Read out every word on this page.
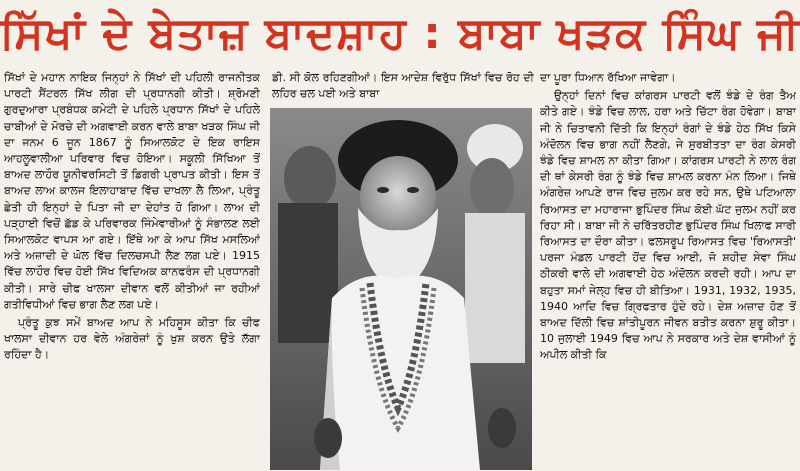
ਸਿੱਖਾਂ ਦੇ ਬੇਤਾਜ਼ ਬਾਦਸ਼ਾਹ : ਬਾਬਾ ਖੜਕ ਸਿੰਘ ਜੀ

ਸਿੱਖਾਂ ਦੇ ਮਹਾਨ ਨਾਇਕ ਜਿਨ੍ਹਾਂ ਨੇ ਸਿੱਖਾਂ ਦੀ ਪਹਿਲੀ ਰਾਜਨੀਤਕ ਪਾਰਟੀ ਸੈਂਟਰਲ ਸਿੱਖ ਲੀਗ ਦੀ ਪ੍ਰਧਾਨਗੀ ਕੀਤੀ। ਸ਼੍ਰੋਮਣੀ ਗੁਰਦੁਆਰਾ ਪ੍ਰਬੰਧਕ ਕਮੇਟੀ ਦੇ ਪਹਿਲੇ ਪ੍ਰਧਾਨ ਸਿੱਖਾਂ ਦੇ ਪਹਿਲੇ ਚਾਬੀਆਂ ਦੇ ਮੋਰਚੇ ਦੀ ਅਗਵਾਈ ਕਰਨ ਵਾਲੇ ਬਾਬਾ ਖੜਕ ਸਿੰਘ ਜੀ ਦਾ ਜਨਮ 6 ਜੂਨ 1867 ਨੂੰ ਸਿਆਲਕੋਟ ਦੇ ਇਕ ਰਾਇਸ ਆਹਲੂਵਾਲੀਆ ਪਰਿਵਾਰ ਵਿਚ ਹੋਇਆ। ਸਕੂਲੀ ਸਿੱਖਿਆ ਤੋਂ ਬਾਅਦ ਲਾਹੌਰ ਯੂਨੀਵਰਸਿਟੀ ਤੋਂ ਡਿਗਰੀ ਪ੍ਰਾਪਤ ਕੀਤੀ। ਇਸ ਤੋਂ ਬਾਅਦ ਲਾਅ ਕਾਲਜ ਇਲਾਹਾਬਾਦ ਵਿੱਚ ਦਾਖਲਾ ਲੈ ਲਿਆ, ਪ੍ਰੰਤੂ ਛੇਤੀ ਹੀ ਇਨ੍ਹਾਂ ਦੇ ਪਿਤਾ ਜੀ ਦਾ ਦੇਹਾਂਤ ਹੋ ਗਿਆ। ਲਾਅ ਦੀ ਪੜ੍ਹਾਈ ਵਿਚੋਂ ਛੱਡ ਕੇ ਪਰਿਵਾਰਕ ਜਿੰਮੇਵਾਰੀਆਂ ਨੂੰ ਸੰਭਾਲਣ ਲਈ ਸਿਆਲਕੋਟ ਵਾਪਸ ਆ ਗਏ। ਇੱਥੇ ਆ ਕੇ ਆਪ ਸਿੱਖ ਮਸਲਿਆਂ ਅਤੇ ਅਜ਼ਾਦੀ ਦੇ ਘੋਲ ਵਿੱਚ ਦਿਲਚਸਪੀ ਲੈਣ ਲਗ ਪਏ। 1915 ਵਿੱਚ ਲਾਹੌਰ ਵਿਚ ਹੋਈ ਸਿੱਖ ਵਿਦਿਅਕ ਕਾਨਫਰੰਸ ਦੀ ਪ੍ਰਧਾਨਗੀ ਕੀਤੀ। ਸਾਰੇ ਚੀਫ ਖਾਲਸਾ ਦੀਵਾਨ ਵਲੋਂ ਕੀਤੀਆਂ ਜਾ ਰਹੀਆਂ ਗਤੀਵਿਧੀਆਂ ਵਿਚ ਭਾਗ ਲੈਣ ਲਗ ਪਏ।

ਪ੍ਰੰਤੂ ਕੁਝ ਸਮੇਂ ਬਾਅਦ ਆਪ ਨੇ ਮਹਿਸੂਸ ਕੀਤਾ ਕਿ ਚੀਫ ਖਾਲਸਾ ਦੀਵਾਨ ਹਰ ਵੇਲੇ ਅੰਗਰੇਜ਼ਾਂ ਨੂੰ ਖੁਸ਼ ਕਰਨ ਉਤੇ ਲੱਗਾ ਰਹਿੰਦਾ ਹੈ।

ਡੀ. ਸੀ ਕੋਲ ਰਹਿਣਗੀਆਂ। ਇਸ ਆਦੇਸ਼ ਵਿਰੁੱਧ ਸਿੱਖਾਂ ਵਿਚ ਰੋਹ ਦੀ ਲਹਿਰ ਚਲ ਪਈ ਅਤੇ ਬਾਬਾ

ਦਾ ਪੂਰਾ ਧਿਆਨ ਰੱਖਿਆ ਜਾਵੇਗਾ।

ਉਨ੍ਹਾਂ ਦਿਨਾਂ ਵਿਚ ਕਾਂਗਰਸ ਪਾਰਟੀ ਵਲੋਂ ਝੰਡੇ ਦੇ ਰੰਗ ਤੈਅ ਕੀਤੇ ਗਏ। ਝੰਡੇ ਵਿਚ ਲਾਲ, ਹਰਾ ਅਤੇ ਚਿੱਟਾ ਰੰਗ ਹੋਵੇਗਾ। ਬਾਬਾ ਜੀ ਨੇ ਚਿਤਾਵਨੀ ਦਿੱਤੀ ਕਿ ਇਨ੍ਹਾਂ ਰੰਗਾਂ ਦੇ ਝੰਡੇ ਹੇਠ ਸਿੱਖ ਕਿਸੇ ਅੰਦੋਲਨ ਵਿਚ ਭਾਗ ਨਹੀਂ ਲੈਣਗੇ, ਜੇ ਸੁਰਬੀਤਤਾ ਦਾ ਰੰਗ ਕੇਸਰੀ ਝੰਡੇ ਵਿਚ ਸ਼ਾਮਲ ਨਾ ਕੀਤਾ ਗਿਆ। ਕਾਂਗਰਸ ਪਾਰਟੀ ਨੇ ਲਾਲ ਰੰਗ ਦੀ ਥਾਂ ਕੇਸਰੀ ਰੰਗ ਨੂੰ ਝੰਡੇ ਵਿਚ ਸ਼ਾਮਲ ਕਰਨਾ ਮੰਨ ਲਿਆ। ਜਿਥੇ ਅੰਗਰੇਜ਼ ਆਪਣੇ ਰਾਜ ਵਿਚ ਜੁਲਮ ਕਰ ਰਹੇ ਸਨ, ਉਥੇ ਪਟਿਆਲਾ ਰਿਆਸਤ ਦਾ ਮਹਾਰਾਜਾ ਭੁਪਿੰਦਰ ਸਿੰਘ ਕੋਈ ਘੱਟ ਜੁਲਮ ਨਹੀਂ ਕਰ ਰਿਹਾ ਸੀ। ਬਾਬਾ ਜੀ ਨੇ ਚਰਿੱਤਰਹੀਣ ਭੁਪਿੰਦਰ ਸਿੰਘ ਖਿਲਾਫ ਸਾਰੀ ਰਿਆਸਤ ਦਾ ਦੌਰਾ ਕੀਤਾ। ਫਲਸਰੂਪ ਰਿਆਸਤ ਵਿਚ 'ਰਿਆਸਤੀ' ਪਰਜਾ ਮੰਡਲ ਪਾਰਟੀ ਹੋਂਦ ਵਿਚ ਆਈ, ਜੋ ਸ਼ਹੀਦ ਸੇਵਾ ਸਿੰਘ ਠੀਕਰੀ ਵਾਲੇ ਦੀ ਅਗਵਾਈ ਹੇਠ ਅੰਦੋਲਨ ਕਰਦੀ ਰਹੀ। ਆਪ ਦਾ ਬਹੁਤਾ ਸਮਾਂ ਜੇਲ੍ਹ ਵਿਚ ਹੀ ਬੀਤਿਆ। 1931, 1932, 1935, 1940 ਆਦਿ ਵਿਚ ਗ੍ਰਿਫਤਾਰ ਹੁੰਦੇ ਰਹੇ। ਦੇਸ਼ ਅਜ਼ਾਦ ਹੋਣ ਤੋਂ ਬਾਅਦ ਦਿੱਲੀ ਵਿਚ ਸ਼ਾਂਤੀਪੂਰਨ ਜੀਵਨ ਬਤੀਤ ਕਰਨਾ ਸ਼ੁਰੂ ਕੀਤਾ। 10 ਜੁਲਾਈ 1949 ਵਿਚ ਆਪ ਨੇ ਸਰਕਾਰ ਅਤੇ ਦੇਸ਼ ਵਾਸੀਆਂ ਨੂੰ ਅਪੀਲ ਕੀਤੀ ਕਿ
